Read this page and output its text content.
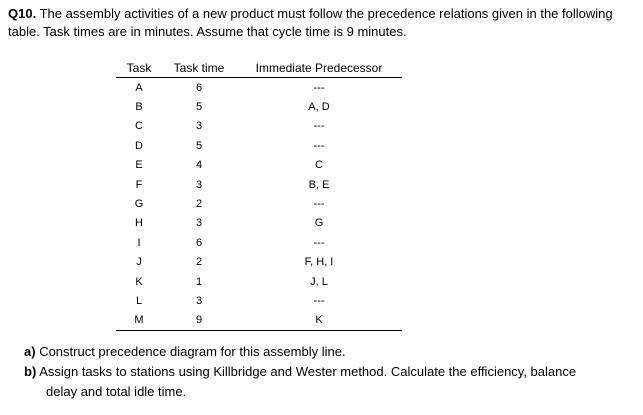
Q10. The assembly activities of a new product must follow the precedence relations given in the following table. Task times are in minutes. Assume that cycle time is 9 minutes.

Task	Task time	Immediate Predecessor
A	6	---
B	5	A, D
C	3	---
D	5	---
E	4	C
F	3	B, E
G	2	---
H	3	G
I	6	---
J	2	F, H, I
K	1	J, L
L	3	---
M	9	K

a) Construct precedence diagram for this assembly line.

b) Assign tasks to stations using Killbridge and Wester method. Calculate the efficiency, balance

delay and total idle time.
